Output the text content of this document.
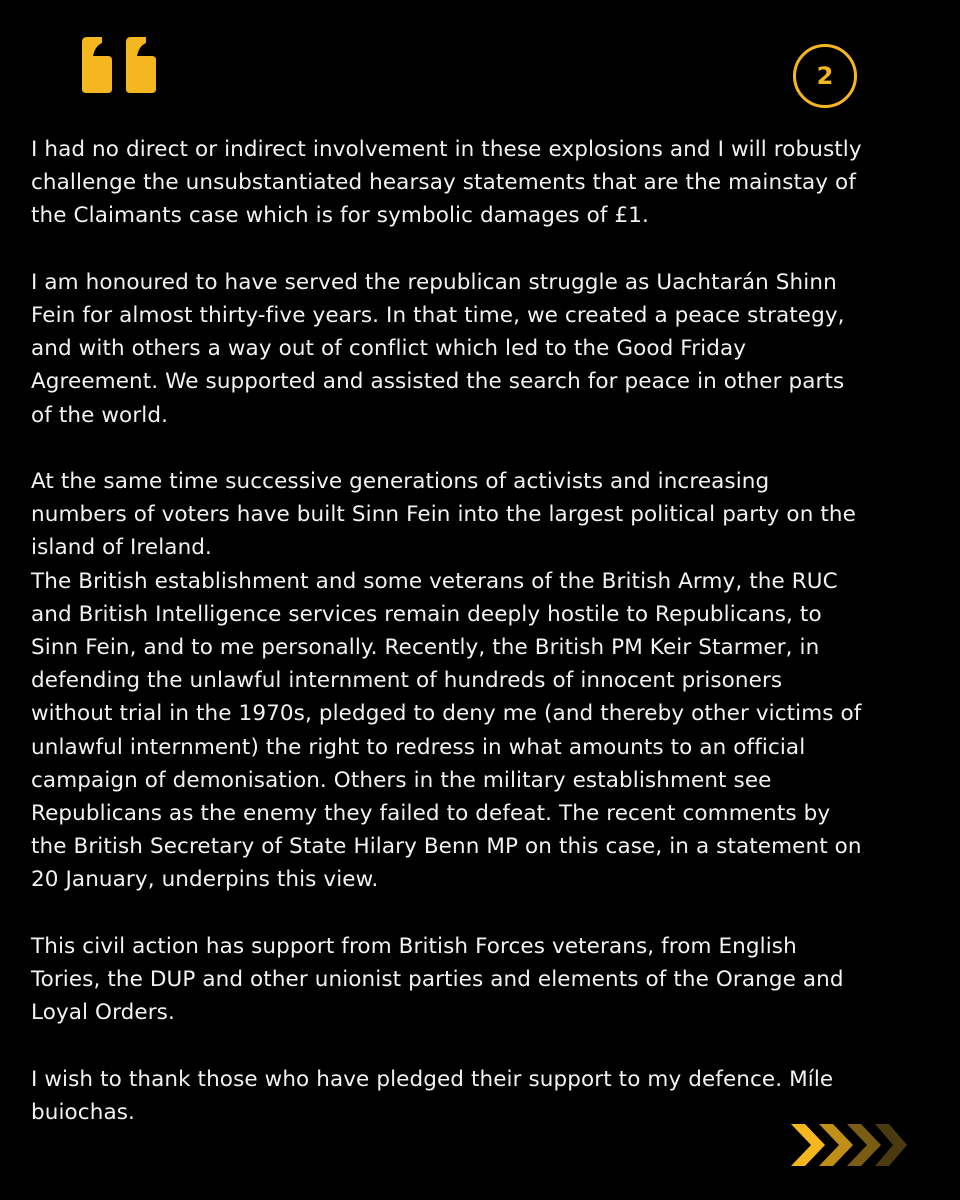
2

I had no direct or indirect involvement in these explosions and I will robustly
challenge the unsubstantiated hearsay statements that are the mainstay of
the Claimants case which is for symbolic damages of £1.

I am honoured to have served the republican struggle as Uachtarán Shinn
Fein for almost thirty-five years. In that time, we created a peace strategy,
and with others a way out of conflict which led to the Good Friday
Agreement. We supported and assisted the search for peace in other parts
of the world.

At the same time successive generations of activists and increasing
numbers of voters have built Sinn Fein into the largest political party on the
island of Ireland.

The British establishment and some veterans of the British Army, the RUC
and British Intelligence services remain deeply hostile to Republicans, to
Sinn Fein, and to me personally. Recently, the British PM Keir Starmer, in
defending the unlawful internment of hundreds of innocent prisoners
without trial in the 1970s, pledged to deny me (and thereby other victims of
unlawful internment) the right to redress in what amounts to an official
campaign of demonisation. Others in the military establishment see
Republicans as the enemy they failed to defeat. The recent comments by
the British Secretary of State Hilary Benn MP on this case, in a statement on
20 January, underpins this view.

This civil action has support from British Forces veterans, from English
Tories, the DUP and other unionist parties and elements of the Orange and
Loyal Orders.

I wish to thank those who have pledged their support to my defence. Míle
buiochas.
